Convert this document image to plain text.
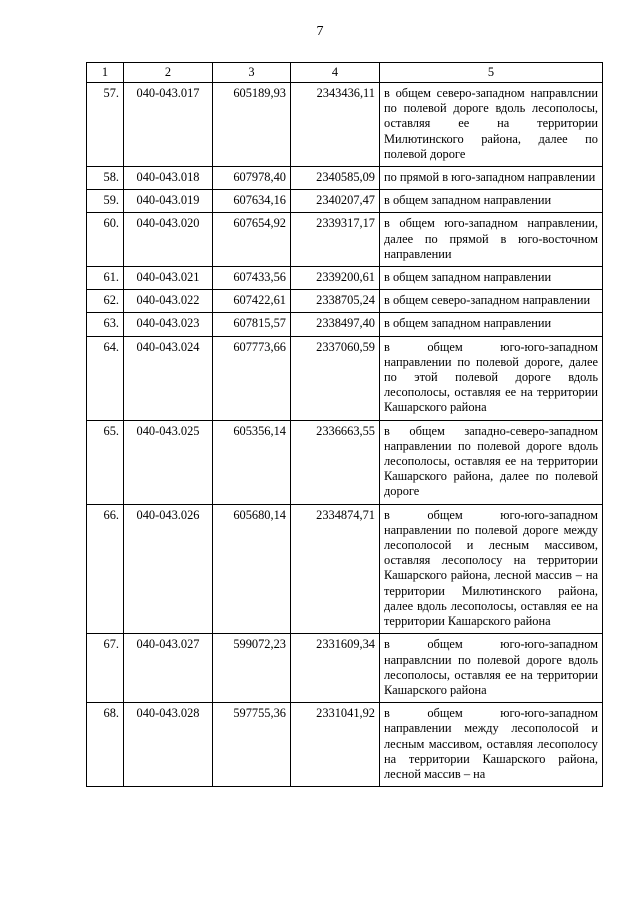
7
1	2	3	4	5
57.	040-043.017	605189,93	2343436,11	в общем северо-западном направлснии по полевой дороге вдоль лесополосы, оставляя ее на территории Милютинского района, далее по полевой дороге
58.	040-043.018	607978,40	2340585,09	по прямой в юго-западном направлении
59.	040-043.019	607634,16	2340207,47	в общем западном направлении
60.	040-043.020	607654,92	2339317,17	в общем юго-западном направлении, далее по прямой в юго-восточном направлении
61.	040-043.021	607433,56	2339200,61	в общем западном направлении
62.	040-043.022	607422,61	2338705,24	в общем северо-западном направлении
63.	040-043.023	607815,57	2338497,40	в общем западном направлении
64.	040-043.024	607773,66	2337060,59	в общем юго-юго-западном направлении по полевой дороге, далее по этой полевой дороге вдоль лесополосы, оставляя ее на территории Кашарского района
65.	040-043.025	605356,14	2336663,55	в общем западно-северо-западном направлении по полевой дороге вдоль лесополосы, оставляя ее на территории Кашарского района, далее по полевой дороге
66.	040-043.026	605680,14	2334874,71	в общем юго-юго-западном направлении по полевой дороге между лесополосой и лесным массивом, оставляя лесополосу на территории Кашарского района, лесной массив – на территории Милютинского района, далее вдоль лесополосы, оставляя ее на территории Кашарского района
67.	040-043.027	599072,23	2331609,34	в общем юго-юго-западном направлснии по полевой дороге вдоль лесополосы, оставляя ее на территории Кашарского района
68.	040-043.028	597755,36	2331041,92	в общем юго-юго-западном направлении между лесополосой и лесным массивом, оставляя лесополосу на территории Кашарского района, лесной массив – на
